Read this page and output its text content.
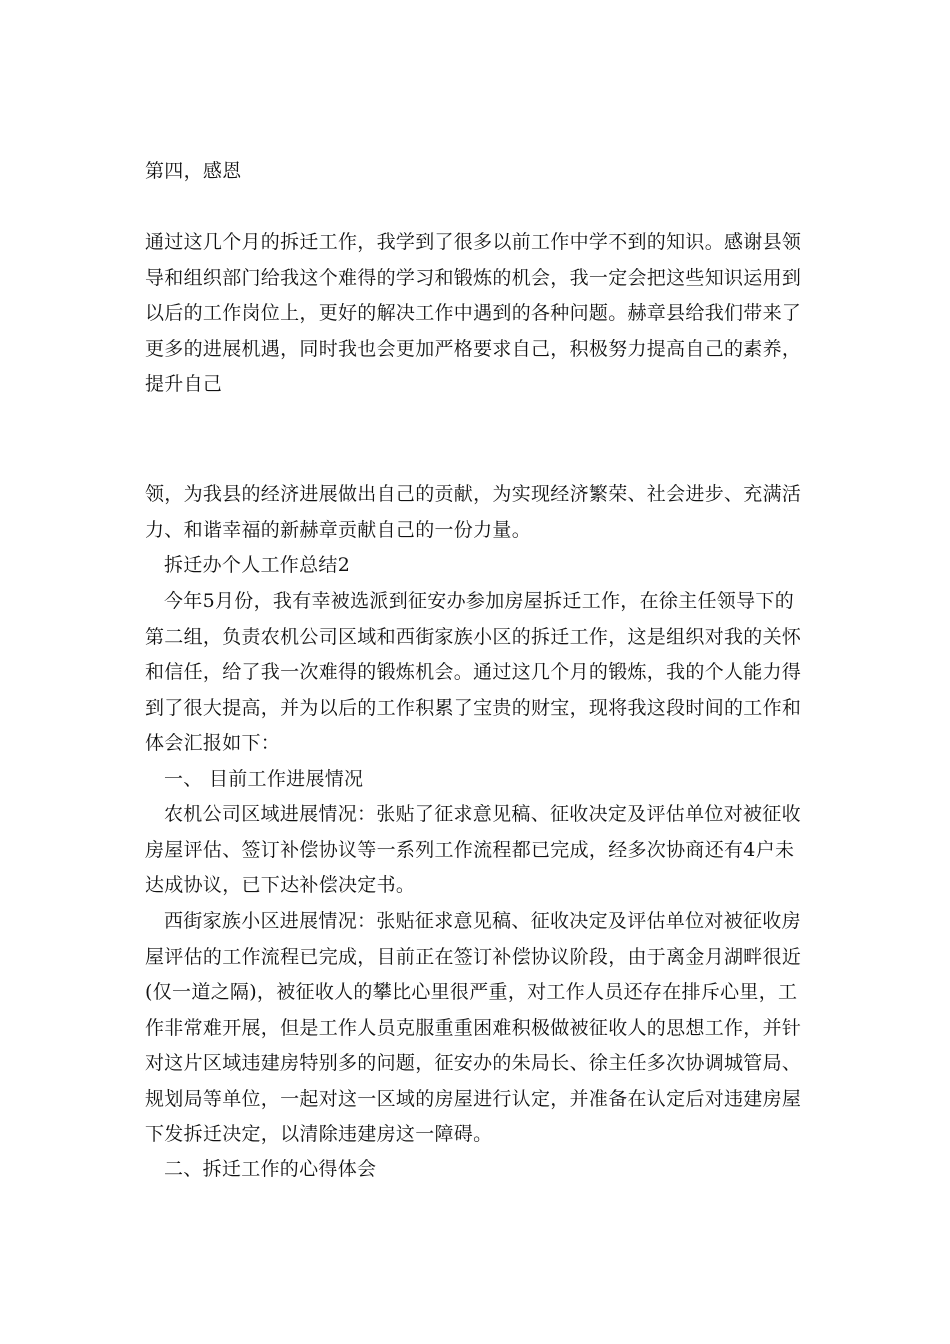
第四，感恩

通过这几个月的拆迁工作，我学到了很多以前工作中学不到的知识。感谢县领导和组织部门给我这个难得的学习和锻炼的机会，我一定会把这些知识运用到以后的工作岗位上，更好的解决工作中遇到的各种问题。赫章县给我们带来了更多的进展机遇，同时我也会更加严格要求自己，积极努力提高自己的素养，提升自己

领，为我县的经济进展做出自己的贡献，为实现经济繁荣、社会进步、充满活力、和谐幸福的新赫章贡献自己的一份力量。

拆迁办个人工作总结2

今年5月份，我有幸被选派到征安办参加房屋拆迁工作，在徐主任领导下的第二组，负责农机公司区域和西街家族小区的拆迁工作，这是组织对我的关怀和信任，给了我一次难得的锻炼机会。通过这几个月的锻炼，我的个人能力得到了很大提高，并为以后的工作积累了宝贵的财宝，现将我这段时间的工作和体会汇报如下：

一、 目前工作进展情况

农机公司区域进展情况：张贴了征求意见稿、征收决定及评估单位对被征收房屋评估、签订补偿协议等一系列工作流程都已完成，经多次协商还有4户未达成协议，已下达补偿决定书。

西街家族小区进展情况：张贴征求意见稿、征收决定及评估单位对被征收房屋评估的工作流程已完成，目前正在签订补偿协议阶段，由于离金月湖畔很近(仅一道之隔)，被征收人的攀比心里很严重，对工作人员还存在排斥心里，工作非常难开展，但是工作人员克服重重困难积极做被征收人的思想工作，并针对这片区域违建房特别多的问题，征安办的朱局长、徐主任多次协调城管局、规划局等单位，一起对这一区域的房屋进行认定，并准备在认定后对违建房屋下发拆迁决定，以清除违建房这一障碍。

二、拆迁工作的心得体会
